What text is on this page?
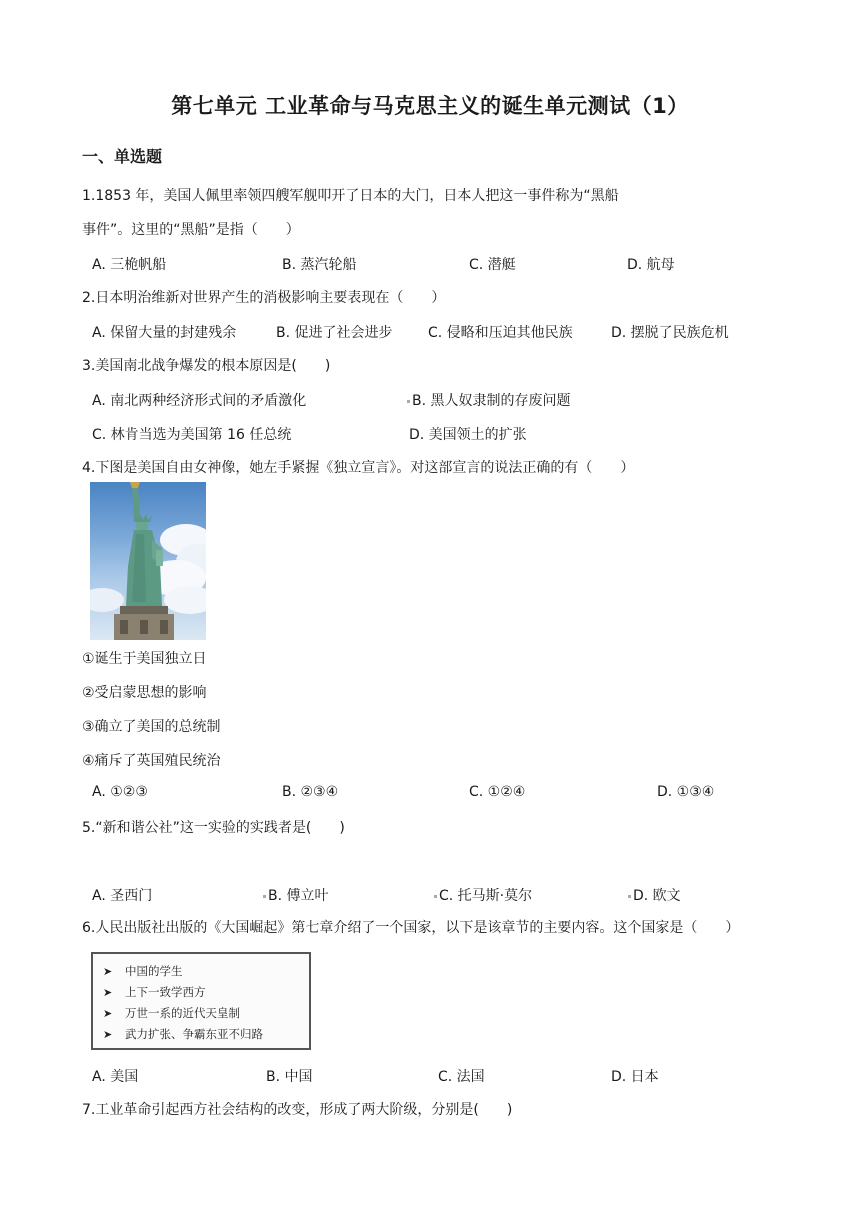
第七单元 工业革命与马克思主义的诞生单元测试（1）
一、单选题
1.1853 年，美国人佩里率领四艘军舰叩开了日本的大门，日本人把这一事件称为“黑船
事件”。这里的“黑船”是指（　　）
A. 三桅帆船	B. 蒸汽轮船	C. 潜艇	D. 航母
2.日本明治维新对世界产生的消极影响主要表现在（　　）
A. 保留大量的封建残余	B. 促进了社会进步	C. 侵略和压迫其他民族	D. 摆脱了民族危机
3.美国南北战争爆发的根本原因是(　　)
A. 南北两种经济形式间的矛盾激化	B. 黑人奴隶制的存废问题
C. 林肯当选为美国第 16 任总统	D. 美国领土的扩张
4.下图是美国自由女神像，她左手紧握《独立宣言》。对这部宣言的说法正确的有（　　）
①诞生于美国独立日
②受启蒙思想的影响
③确立了美国的总统制
④痛斥了英国殖民统治
A. ①②③	B. ②③④	C. ①②④	D. ①③④
5.“新和谐公社”这一实验的实践者是(　　)
A. 圣西门	B. 傅立叶	C. 托马斯·莫尔	D. 欧文
6.人民出版社出版的《大国崛起》第七章介绍了一个国家，以下是该章节的主要内容。这个国家是（　　）
➤ 中国的学生
➤ 上下一致学西方
➤ 万世一系的近代天皇制
➤ 武力扩张、争霸东亚不归路
A. 美国	B. 中国	C. 法国	D. 日本
7.工业革命引起西方社会结构的改变，形成了两大阶级，分别是(　　)
